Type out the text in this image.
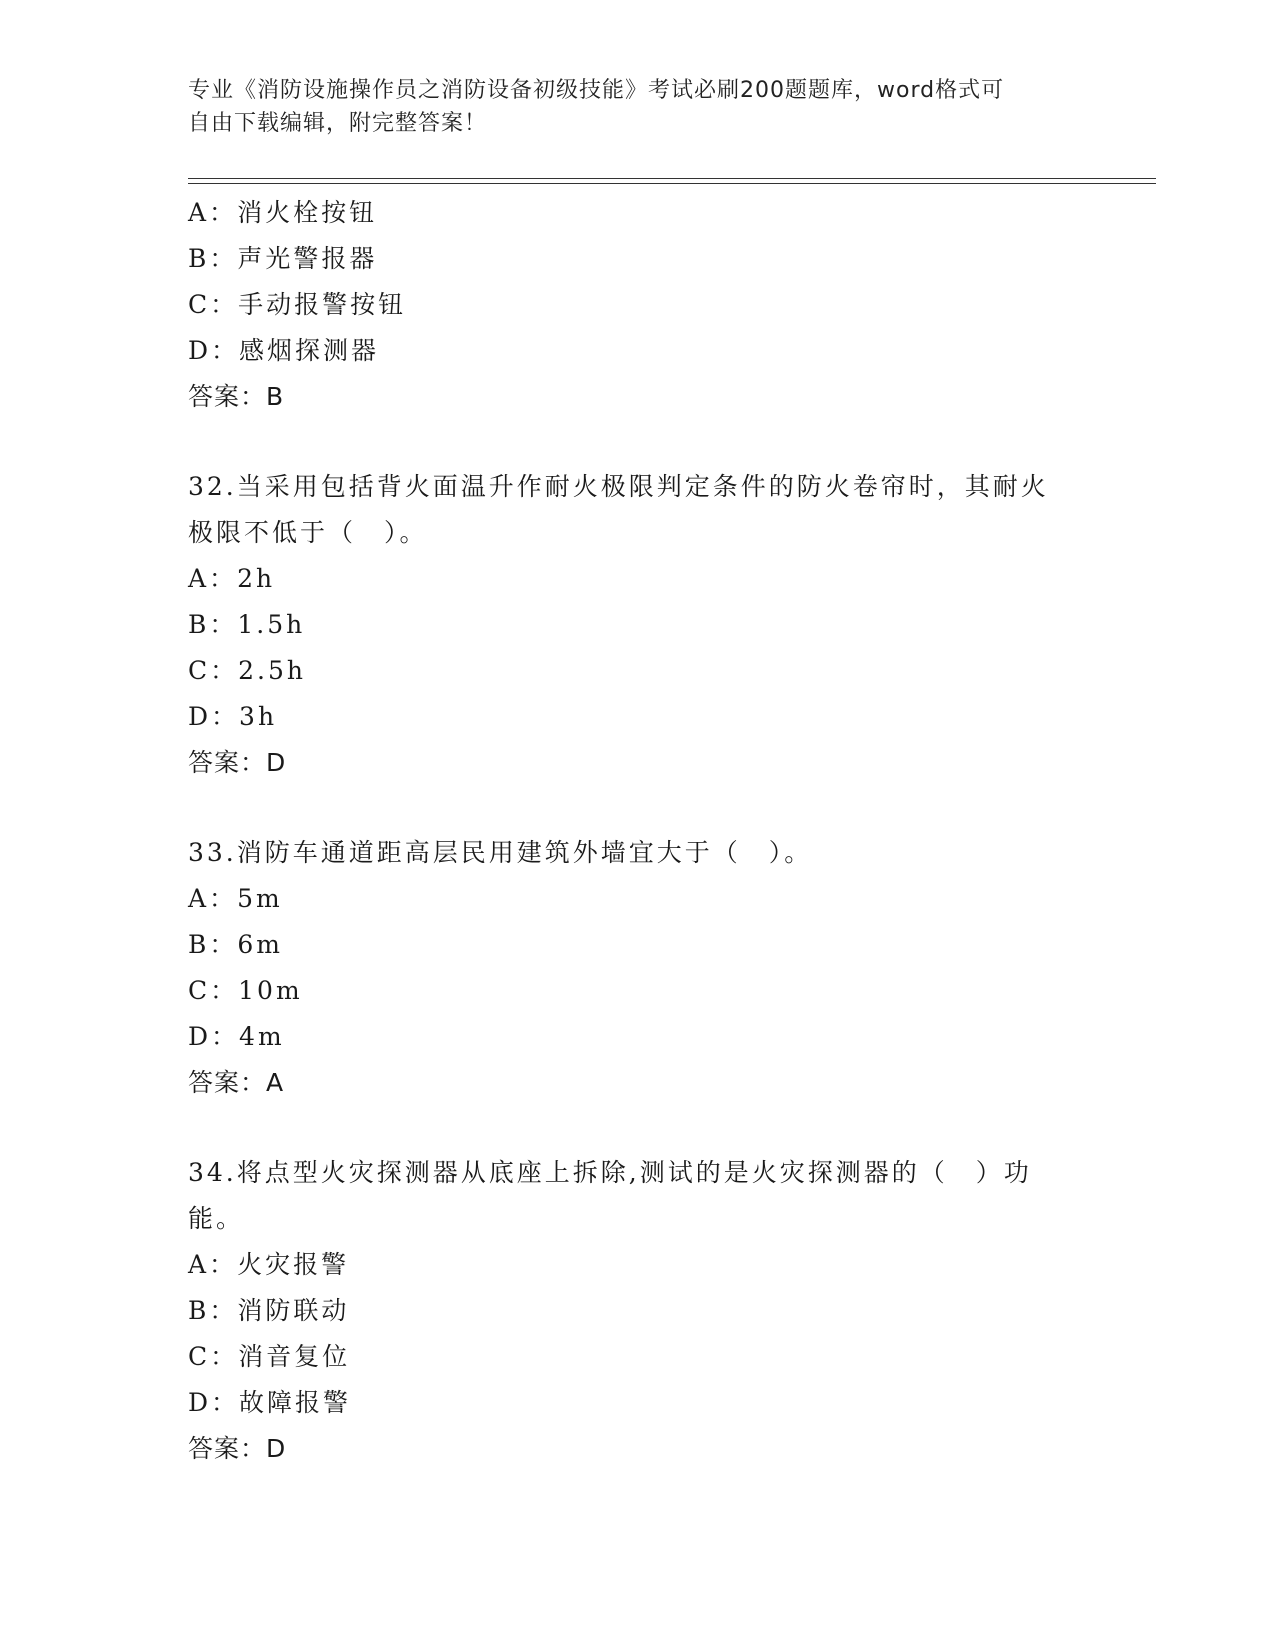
专业《消防设施操作员之消防设备初级技能》考试必刷200题题库，word格式可
自由下载编辑，附完整答案！
A：消火栓按钮
B：声光警报器
C：手动报警按钮
D：感烟探测器
答案：B
32.当采用包括背火面温升作耐火极限判定条件的防火卷帘时，其耐火
极限不低于（　）。
A：2h
B：1.5h
C：2.5h
D：3h
答案：D
33.消防车通道距高层民用建筑外墙宜大于（　）。
A：5m
B：6m
C：10m
D：4m
答案：A
34.将点型火灾探测器从底座上拆除,测试的是火灾探测器的（　）功
能。
A：火灾报警
B：消防联动
C：消音复位
D：故障报警
答案：D
